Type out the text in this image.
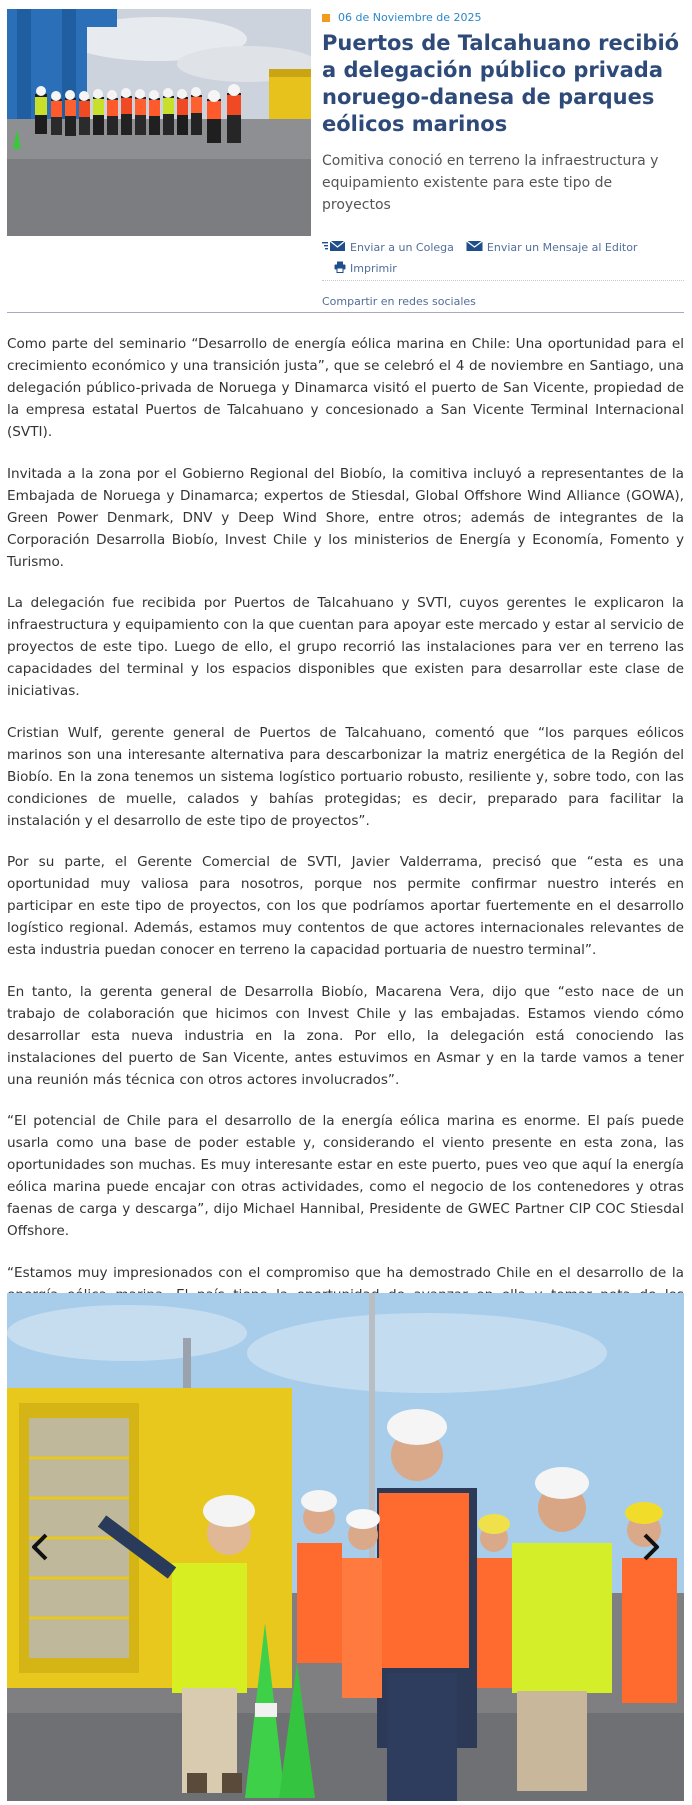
06 de Noviembre de 2025
Puertos de Talcahuano recibió a delegación público privada noruego-danesa de parques eólicos marinos

Comitiva conoció en terreno la infraestructura y equipamiento existente para este tipo de proyectos

Enviar a un Colega	Enviar un Mensaje al Editor
Imprimir
Compartir en redes sociales

Como parte del seminario “Desarrollo de energía eólica marina en Chile: Una oportunidad para el crecimiento económico y una transición justa”, que se celebró el 4 de noviembre en Santiago, una delegación público-privada de Noruega y Dinamarca visitó el puerto de San Vicente, propiedad de la empresa estatal Puertos de Talcahuano y concesionado a San Vicente Terminal Internacional (SVTI).

Invitada a la zona por el Gobierno Regional del Biobío, la comitiva incluyó a representantes de la Embajada de Noruega y Dinamarca; expertos de Stiesdal, Global Offshore Wind Alliance (GOWA), Green Power Denmark, DNV y Deep Wind Shore, entre otros; además de integrantes de la Corporación Desarrolla Biobío, Invest Chile y los ministerios de Energía y Economía, Fomento y Turismo.

La delegación fue recibida por Puertos de Talcahuano y SVTI, cuyos gerentes le explicaron la infraestructura y equipamiento con la que cuentan para apoyar este mercado y estar al servicio de proyectos de este tipo. Luego de ello, el grupo recorrió las instalaciones para ver en terreno las capacidades del terminal y los espacios disponibles que existen para desarrollar este clase de iniciativas.

Cristian Wulf, gerente general de Puertos de Talcahuano, comentó que “los parques eólicos marinos son una interesante alternativa para descarbonizar la matriz energética de la Región del Biobío. En la zona tenemos un sistema logístico portuario robusto, resiliente y, sobre todo, con las condiciones de muelle, calados y bahías protegidas; es decir, preparado para facilitar la instalación y el desarrollo de este tipo de proyectos”.

Por su parte, el Gerente Comercial de SVTI, Javier Valderrama, precisó que “esta es una oportunidad muy valiosa para nosotros, porque nos permite confirmar nuestro interés en participar en este tipo de proyectos, con los que podríamos aportar fuertemente en el desarrollo logístico regional. Además, estamos muy contentos de que actores internacionales relevantes de esta industria puedan conocer en terreno la capacidad portuaria de nuestro terminal”.

En tanto, la gerenta general de Desarrolla Biobío, Macarena Vera, dijo que “esto nace de un trabajo de colaboración que hicimos con Invest Chile y las embajadas. Estamos viendo cómo desarrollar esta nueva industria en la zona. Por ello, la delegación está conociendo las instalaciones del puerto de San Vicente, antes estuvimos en Asmar y en la tarde vamos a tener una reunión más técnica con otros actores involucrados”.

“El potencial de Chile para el desarrollo de la energía eólica marina es enorme. El país puede usarla como una base de poder estable y, considerando el viento presente en esta zona, las oportunidades son muchas. Es muy interesante estar en este puerto, pues veo que aquí la energía eólica marina puede encajar con otras actividades, como el negocio de los contenedores y otras faenas de carga y descarga”, dijo Michael Hannibal, Presidente de GWEC Partner CIP COC Stiesdal Offshore.

“Estamos muy impresionados con el compromiso que ha demostrado Chile en el desarrollo de la
